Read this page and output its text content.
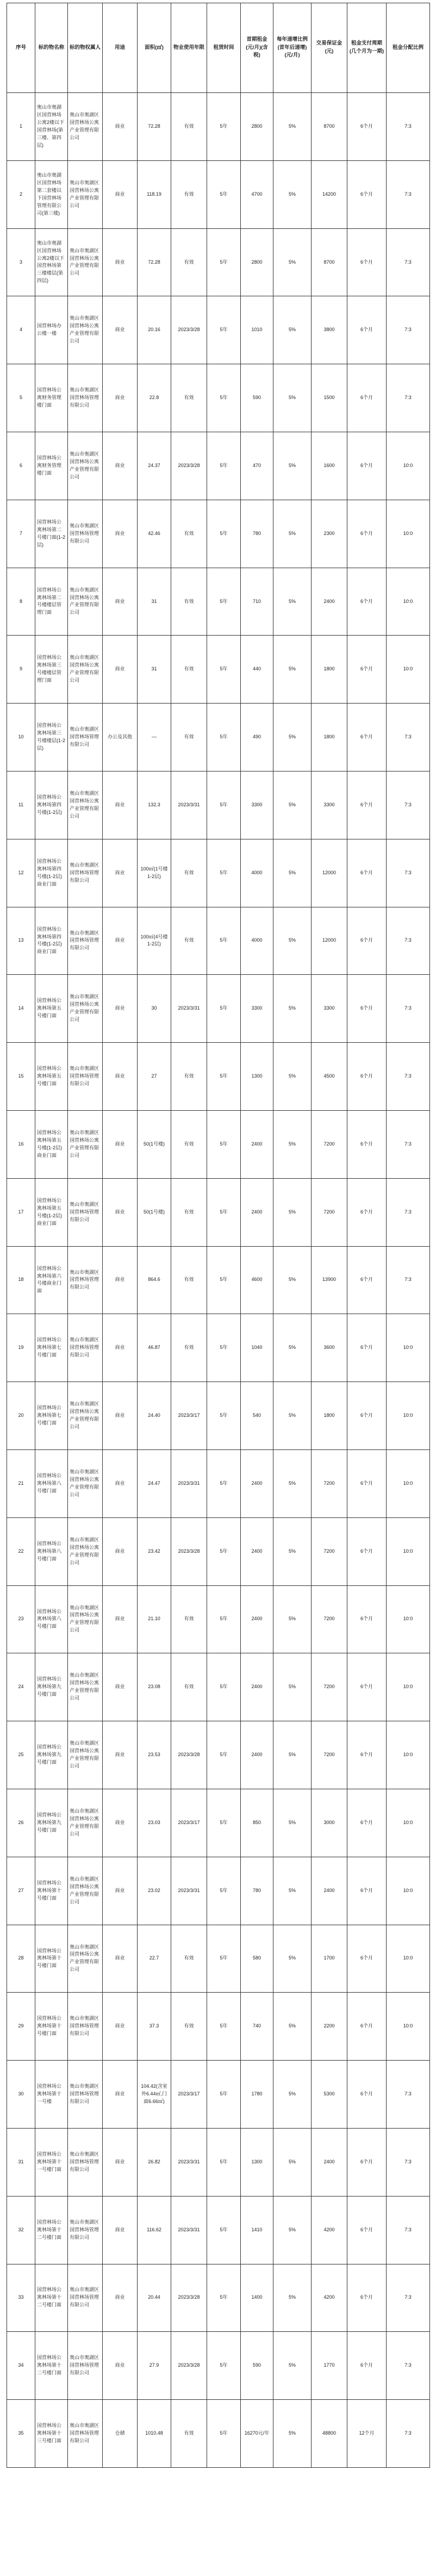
序号	标的物名称	标的物权属人	用途	面积(㎡)	物业使用年限	租赁时间	首期租金(元/月)(含税)	每年递增比例(首年后递增)(元/月)	交易保证金(元)	租金支付周期(几个月为一期)	租金分配比例
1	奥山市奥湖区国营林场公寓2楼以下国营林场(第三楼、第四层)	奥山市奥湖区国营林场公寓产业管理有限公司	商业	72.28	有效	5年	2800	5%	8700	6个月	7:3
2	奥山市奥湖区国营林场第二套楼以下国营林场管理有限公司(第三楼)	奥山市奥湖区国营林场公寓产业管理有限公司	商业	118.19	有效	5年	4700	5%	14200	6个月	7:3
3	奥山市奥湖区国营林场公寓2楼以下国营林场第三楼楼层(第四层)	奥山市奥湖区国营林场公寓产业管理有限公司	商业	72.28	有效	5年	2800	5%	8700	6个月	7:3
4	国营林场办公楼一楼	奥山市奥湖区国营林场公寓产业管理有限公司	商业	20.16	2023/3/28	5年	1010	5%	3800	6个月	7:3
5	国营林场公寓财务管理楼门面	奥山市奥湖区国营林场管理有限公司	商业	22.8	有效	5年	590	5%	1500	6个月	7:3
6	国营林场公寓财务管理楼门面	奥山市奥湖区国营林场公寓产业管理有限公司	商业	24.37	2023/3/28	5年	470	5%	1600	6个月	10:0
7	国营林场公寓林场第二号楼门面(1-2层)	奥山市奥湖区国营林场管理有限公司	商业	42.46	有效	5年	780	5%	2300	6个月	10:0
8	国营林场公寓林场第二号楼楼层管理门面	奥山市奥湖区国营林场公寓产业管理有限公司	商业	31	有效	5年	710	5%	2400	6个月	10:0
9	国营林场公寓林场第三号楼楼层管理门面	奥山市奥湖区国营林场公寓产业管理有限公司	商业	31	有效	5年	440	5%	1800	6个月	10:0
10	国营林场公寓林场第三号楼楼层(1-2层)	奥山市奥湖区国营林场管理有限公司	办公及其他	—	有效	5年	490	5%	1800	6个月	7:3
11	国营林场公寓林场第四号楼(1-2层)	奥山市奥湖区国营林场公寓产业管理有限公司	商业	132.3	2023/3/31	5年	3300	5%	3300	6个月	7:3
12	国营林场公寓林场第四号楼(1-2层)商业门面	奥山市奥湖区国营林场管理有限公司	商业	100㎡(1号楼1-2层)	有效	5年	4000	5%	12000	6个月	7:3
13	国营林场公寓林场第四号楼(1-2层)商业门面	奥山市奥湖区国营林场管理有限公司	商业	100㎡(4号楼1-2层)	有效	5年	4000	5%	12000	6个月	7:3
14	国营林场公寓林场第五号楼门面	奥山市奥湖区国营林场公寓产业管理有限公司	商业	30	2023/3/31	5年	3300	5%	3300	6个月	7:3
15	国营林场公寓林场第五号楼门面	奥山市奥湖区国营林场管理有限公司	商业	27	有效	5年	1300	5%	4500	6个月	7:3
16	国营林场公寓林场第五号楼(1-2层)商业门面	奥山市奥湖区国营林场公寓产业管理有限公司	商业	50(1号楼)	有效	5年	2400	5%	7200	6个月	7:3
17	国营林场公寓林场第五号楼(1-2层)商业门面	奥山市奥湖区国营林场管理有限公司	商业	50(1号楼)	有效	5年	2400	5%	7200	6个月	7:3
18	国营林场公寓林场第六号楼商业门面	奥山市奥湖区国营林场管理有限公司	商业	864.6	有效	5年	4600	5%	13900	6个月	7:3
19	国营林场公寓林场第七号楼门面	奥山市奥湖区国营林场管理有限公司	商业	46.87	有效	5年	1040	5%	3600	6个月	10:0
20	国营林场公寓林场第七号楼门面	奥山市奥湖区国营林场公寓产业管理有限公司	商业	24.40	2023/3/17	5年	540	5%	1800	6个月	10:0
21	国营林场公寓林场第八号楼门面	奥山市奥湖区国营林场公寓产业管理有限公司	商业	24.47	2023/3/31	5年	2400	5%	7200	6个月	10:0
22	国营林场公寓林场第八号楼门面	奥山市奥湖区国营林场公寓产业管理有限公司	商业	23.42	2023/3/28	5年	2400	5%	7200	6个月	10:0
23	国营林场公寓林场第八号楼门面	奥山市奥湖区国营林场公寓产业管理有限公司	商业	21.10	有效	5年	2400	5%	7200	6个月	10:0
24	国营林场公寓林场第九号楼门面	奥山市奥湖区国营林场公寓产业管理有限公司	商业	23.08	有效	5年	2400	5%	7200	6个月	10:0
25	国营林场公寓林场第九号楼门面	奥山市奥湖区国营林场公寓产业管理有限公司	商业	23.53	2023/3/28	5年	2400	5%	7200	6个月	10:0
26	国营林场公寓林场第九号楼门面	奥山市奥湖区国营林场公寓产业管理有限公司	商业	23.03	2023/3/17	5年	850	5%	3000	6个月	10:0
27	国营林场公寓林场第十号楼门面	奥山市奥湖区国营林场公寓产业管理有限公司	商业	23.02	2023/3/31	5年	780	5%	2400	6个月	10:0
28	国营林场公寓林场第十号楼门面	奥山市奥湖区国营林场公寓产业管理有限公司	商业	22.7	有效	5年	580	5%	1700	6个月	10:0
29	国营林场公寓林场第十号楼门面	奥山市奥湖区国营林场管理有限公司	商业	37.3	有效	5年	740	5%	2200	6个月	10:0
30	国营林场公寓林场第十一号楼	奥山市奥湖区国营林场管理有限公司	商业	104.42(含室外6.44㎡,门面6.66㎡)	2023/3/17	5年	1780	5%	5300	6个月	7:3
31	国营林场公寓林场第十一号楼门面	奥山市奥湖区国营林场管理有限公司	商业	26.82	2023/3/31	5年	1300	5%	2400	6个月	7:3
32	国营林场公寓林场第十二号楼门面	奥山市奥湖区国营林场管理有限公司	商业	116.62	2023/3/31	5年	1410	5%	4200	6个月	7:3
33	国营林场公寓林场第十二号楼门面	奥山市奥湖区国营林场管理有限公司	商业	20.44	2023/3/28	5年	1400	5%	4200	6个月	7:3
34	国营林场公寓林场第十二号楼门面	奥山市奥湖区国营林场管理有限公司	商业	27.9	2023/3/28	5年	590	5%	1770	6个月	7:3
35	国营林场公寓林场第十三号楼门面	奥山市奥湖区国营林场管理有限公司	仓储	1010.48	有效	5年	16270元/年	5%	48800	12个月	7:3
